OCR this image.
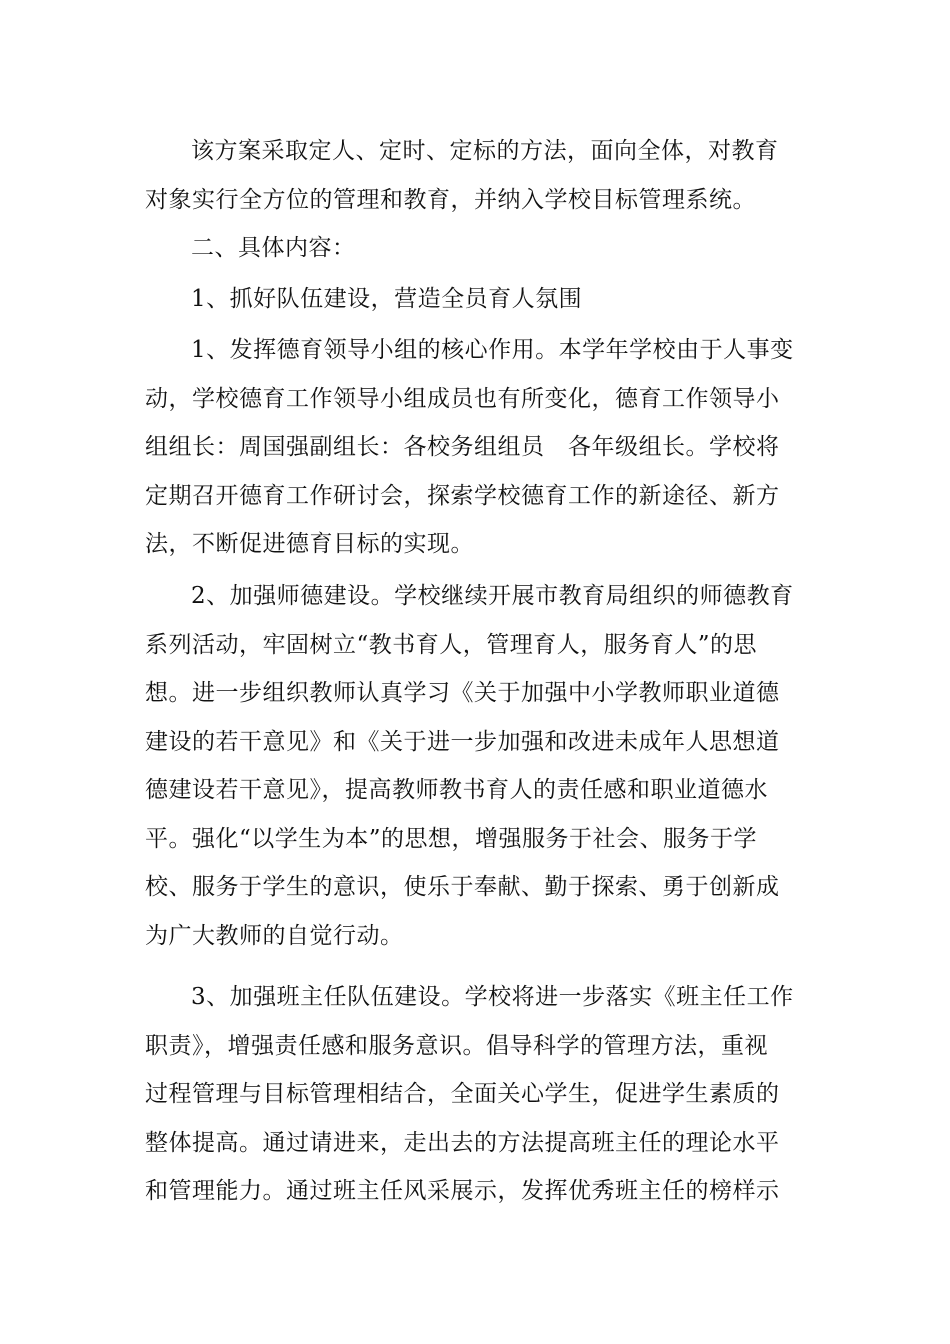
该方案采取定人、定时、定标的方法，面向全体，对教育
对象实行全方位的管理和教育，并纳入学校目标管理系统。

二、具体内容：

1、抓好队伍建设，营造全员育人氛围

1、发挥德育领导小组的核心作用。本学年学校由于人事变
动，学校德育工作领导小组成员也有所变化，德育工作领导小
组组长：周国强副组长：各校务组组员　各年级组长。学校将
定期召开德育工作研讨会，探索学校德育工作的新途径、新方
法，不断促进德育目标的实现。

2、加强师德建设。学校继续开展市教育局组织的师德教育
系列活动，牢固树立“教书育人，管理育人，服务育人”的思
想。进一步组织教师认真学习《关于加强中小学教师职业道德
建设的若干意见》和《关于进一步加强和改进未成年人思想道
德建设若干意见》，提高教师教书育人的责任感和职业道德水
平。强化“以学生为本”的思想，增强服务于社会、服务于学
校、服务于学生的意识，使乐于奉献、勤于探索、勇于创新成
为广大教师的自觉行动。

3、加强班主任队伍建设。学校将进一步落实《班主任工作
职责》，增强责任感和服务意识。倡导科学的管理方法，重视
过程管理与目标管理相结合，全面关心学生，促进学生素质的
整体提高。通过请进来，走出去的方法提高班主任的理论水平
和管理能力。通过班主任风采展示，发挥优秀班主任的榜样示
